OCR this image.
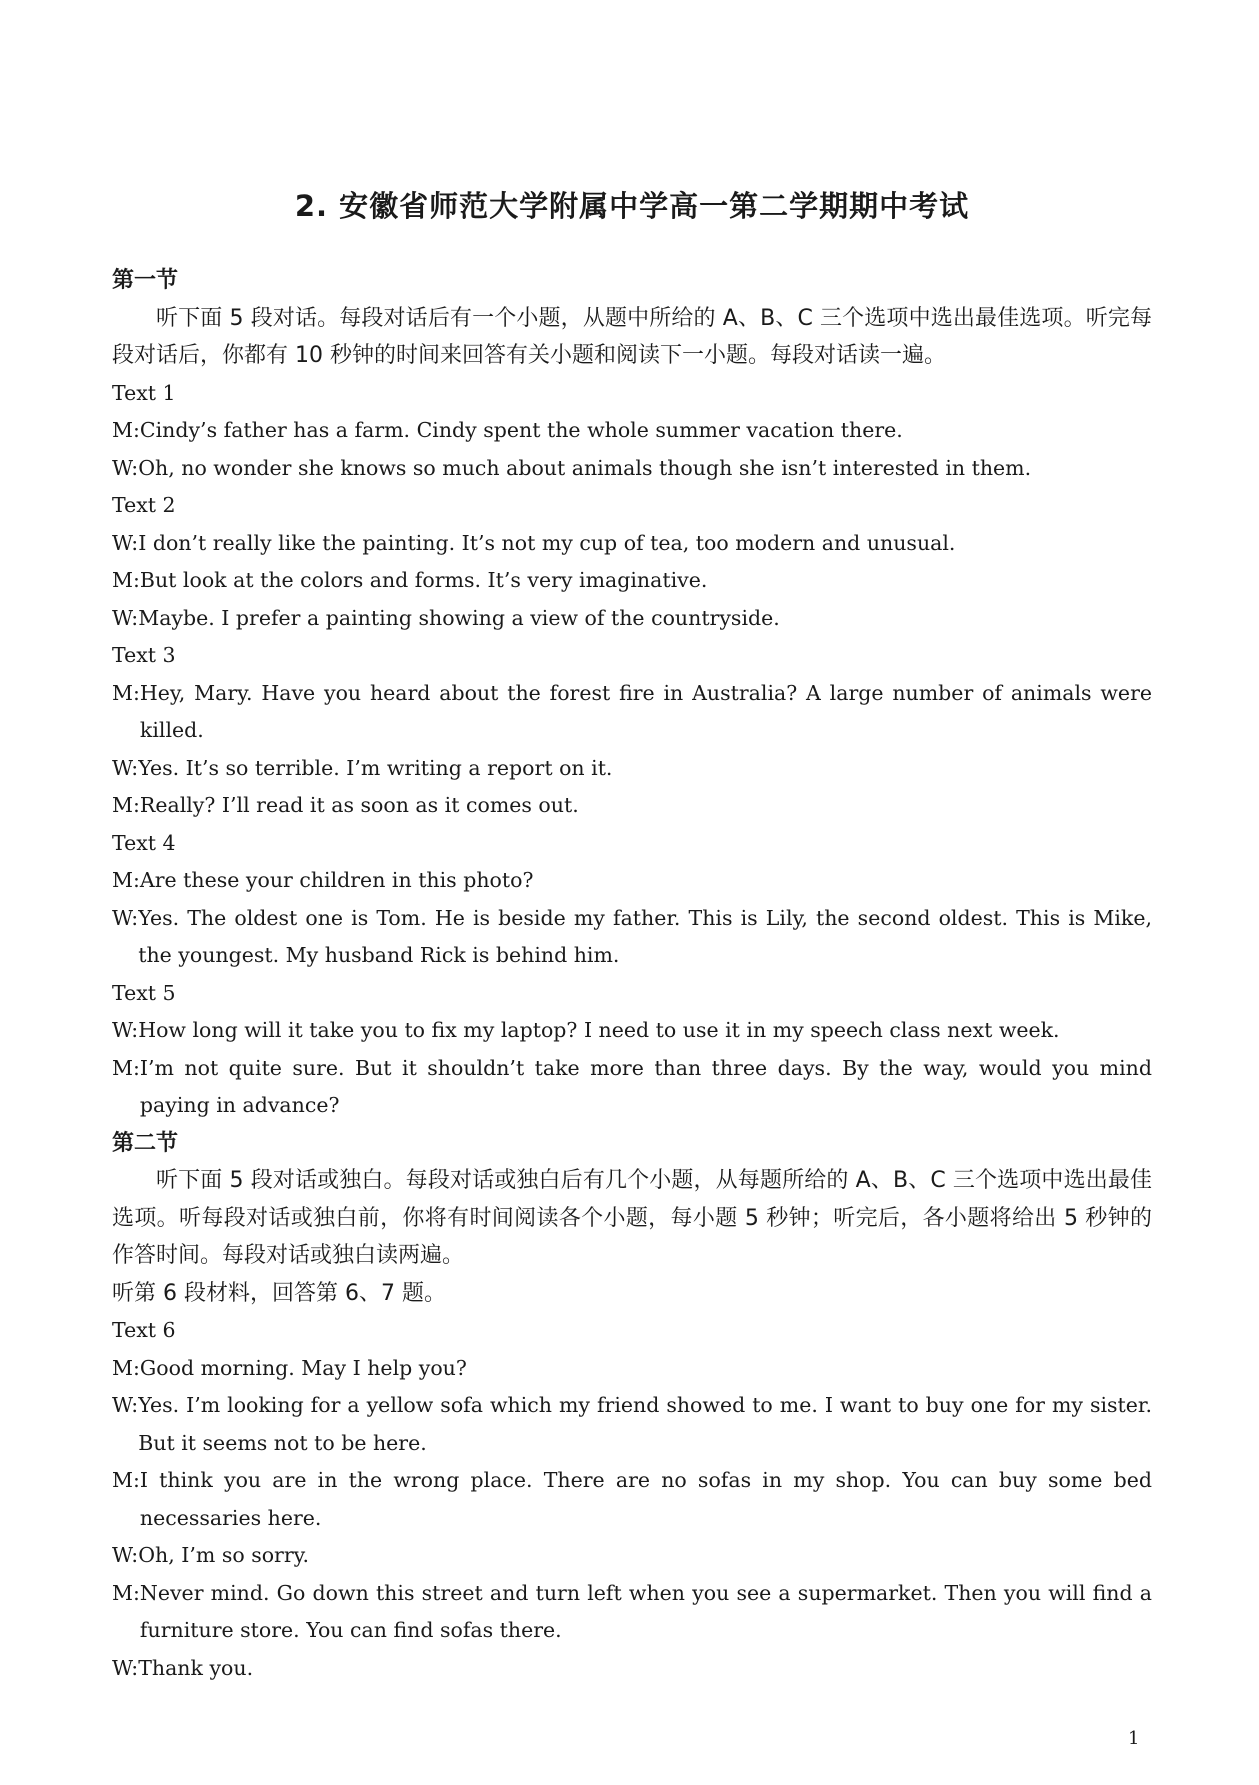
2. 安徽省师范大学附属中学高一第二学期期中考试
第一节
听下面 5 段对话。每段对话后有一个小题，从题中所给的 A、B、C 三个选项中选出最佳选项。听完每段对话后，你都有 10 秒钟的时间来回答有关小题和阅读下一小题。每段对话读一遍。
Text 1
M: Cindy’s father has a farm. Cindy spent the whole summer vacation there.
W: Oh, no wonder she knows so much about animals though she isn’t interested in them.
Text 2
W: I don’t really like the painting. It’s not my cup of tea, too modern and unusual.
M: But look at the colors and forms. It’s very imaginative.
W: Maybe. I prefer a painting showing a view of the countryside.
Text 3
M: Hey, Mary. Have you heard about the forest fire in Australia? A large number of animals were killed.
W: Yes. It’s so terrible. I’m writing a report on it.
M: Really? I’ll read it as soon as it comes out.
Text 4
M: Are these your children in this photo?
W: Yes. The oldest one is Tom. He is beside my father. This is Lily, the second oldest. This is Mike, the youngest. My husband Rick is behind him.
Text 5
W: How long will it take you to fix my laptop? I need to use it in my speech class next week.
M: I’m not quite sure. But it shouldn’t take more than three days. By the way, would you mind paying in advance?
第二节
听下面 5 段对话或独白。每段对话或独白后有几个小题，从每题所给的 A、B、C 三个选项中选出最佳选项。听每段对话或独白前，你将有时间阅读各个小题，每小题 5 秒钟；听完后，各小题将给出 5 秒钟的作答时间。每段对话或独白读两遍。
听第 6 段材料，回答第 6、7 题。
Text 6
M: Good morning. May I help you?
W: Yes. I’m looking for a yellow sofa which my friend showed to me. I want to buy one for my sister. But it seems not to be here.
M: I think you are in the wrong place. There are no sofas in my shop. You can buy some bed necessaries here.
W: Oh, I’m so sorry.
M: Never mind. Go down this street and turn left when you see a supermarket. Then you will find a furniture store. You can find sofas there.
W: Thank you.
1
